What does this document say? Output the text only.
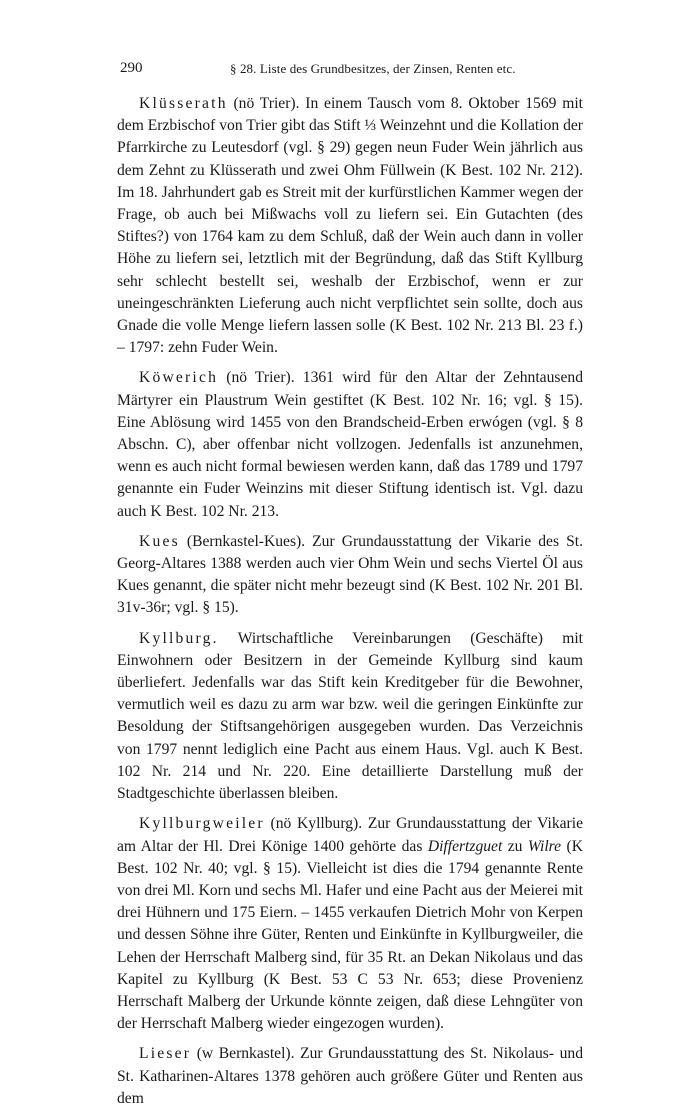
290	§ 28. Liste des Grundbesitzes, der Zinsen, Renten etc.

Klüsserath (nö Trier). In einem Tausch vom 8. Oktober 1569 mit dem Erzbischof von Trier gibt das Stift ⅓ Weinzehnt und die Kollation der Pfarrkirche zu Leutesdorf (vgl. § 29) gegen neun Fuder Wein jährlich aus dem Zehnt zu Klüsserath und zwei Ohm Füllwein (K Best. 102 Nr. 212). Im 18. Jahrhundert gab es Streit mit der kurfürstlichen Kammer wegen der Frage, ob auch bei Mißwachs voll zu liefern sei. Ein Gutachten (des Stiftes?) von 1764 kam zu dem Schluß, daß der Wein auch dann in voller Höhe zu liefern sei, letztlich mit der Begründung, daß das Stift Kyllburg sehr schlecht bestellt sei, weshalb der Erzbischof, wenn er zur uneingeschränkten Lieferung auch nicht verpflichtet sein sollte, doch aus Gnade die volle Menge liefern lassen solle (K Best. 102 Nr. 213 Bl. 23 f.) – 1797: zehn Fuder Wein.

Köwerich (nö Trier). 1361 wird für den Altar der Zehntausend Märtyrer ein Plaustrum Wein gestiftet (K Best. 102 Nr. 16; vgl. § 15). Eine Ablösung wird 1455 von den Brandscheid-Erben erwógen (vgl. § 8 Abschn. C), aber offenbar nicht vollzogen. Jedenfalls ist anzunehmen, wenn es auch nicht formal bewiesen werden kann, daß das 1789 und 1797 genannte ein Fuder Weinzins mit dieser Stiftung identisch ist. Vgl. dazu auch K Best. 102 Nr. 213.

Kues (Bernkastel-Kues). Zur Grundausstattung der Vikarie des St. Georg-Altares 1388 werden auch vier Ohm Wein und sechs Viertel Öl aus Kues genannt, die später nicht mehr bezeugt sind (K Best. 102 Nr. 201 Bl. 31v-36r; vgl. § 15).

Kyllburg. Wirtschaftliche Vereinbarungen (Geschäfte) mit Einwohnern oder Besitzern in der Gemeinde Kyllburg sind kaum überliefert. Jedenfalls war das Stift kein Kreditgeber für die Bewohner, vermutlich weil es dazu zu arm war bzw. weil die geringen Einkünfte zur Besoldung der Stiftsangehörigen ausgegeben wurden. Das Verzeichnis von 1797 nennt lediglich eine Pacht aus einem Haus. Vgl. auch K Best. 102 Nr. 214 und Nr. 220. Eine detaillierte Darstellung muß der Stadtgeschichte überlassen bleiben.

Kyllburgweiler (nö Kyllburg). Zur Grundausstattung der Vikarie am Altar der Hl. Drei Könige 1400 gehörte das Differtzguet zu Wilre (K Best. 102 Nr. 40; vgl. § 15). Vielleicht ist dies die 1794 genannte Rente von drei Ml. Korn und sechs Ml. Hafer und eine Pacht aus der Meierei mit drei Hühnern und 175 Eiern. – 1455 verkaufen Dietrich Mohr von Kerpen und dessen Söhne ihre Güter, Renten und Einkünfte in Kyllburgweiler, die Lehen der Herrschaft Malberg sind, für 35 Rt. an Dekan Nikolaus und das Kapitel zu Kyllburg (K Best. 53 C 53 Nr. 653; diese Provenienz Herrschaft Malberg der Urkunde könnte zeigen, daß diese Lehngüter von der Herrschaft Malberg wieder eingezogen wurden).

Lieser (w Bernkastel). Zur Grundausstattung des St. Nikolaus- und St. Katharinen-Altares 1378 gehören auch größere Güter und Renten aus dem
